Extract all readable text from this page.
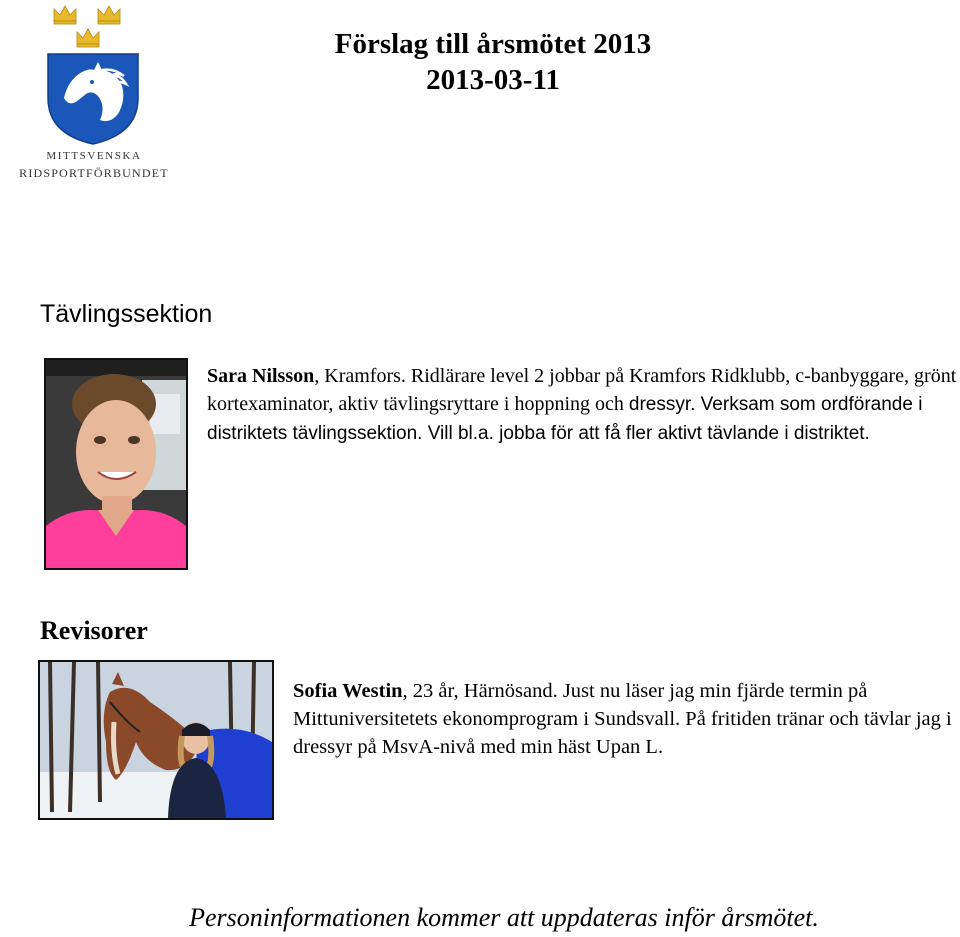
MITTSVENSKA
RIDSPORTFÖRBUNDET
Förslag till årsmötet 2013
2013-03-11
Tävlingssektion
Sara Nilsson, Kramfors. Ridlärare level 2 jobbar på Kramfors Ridklubb, c-banbyggare, grönt kortexaminator, aktiv tävlingsryttare i hoppning och dressyr. Verksam som ordförande i distriktets tävlingssektion. Vill bl.a. jobba för att få fler aktivt tävlande i distriktet.
Revisorer
Sofia Westin, 23 år, Härnösand. Just nu läser jag min fjärde termin på Mittuniversitetets ekonomprogram i Sundsvall. På fritiden tränar och tävlar jag i dressyr på MsvA-nivå med min häst Upan L.
Personinformationen kommer att uppdateras inför årsmötet.
